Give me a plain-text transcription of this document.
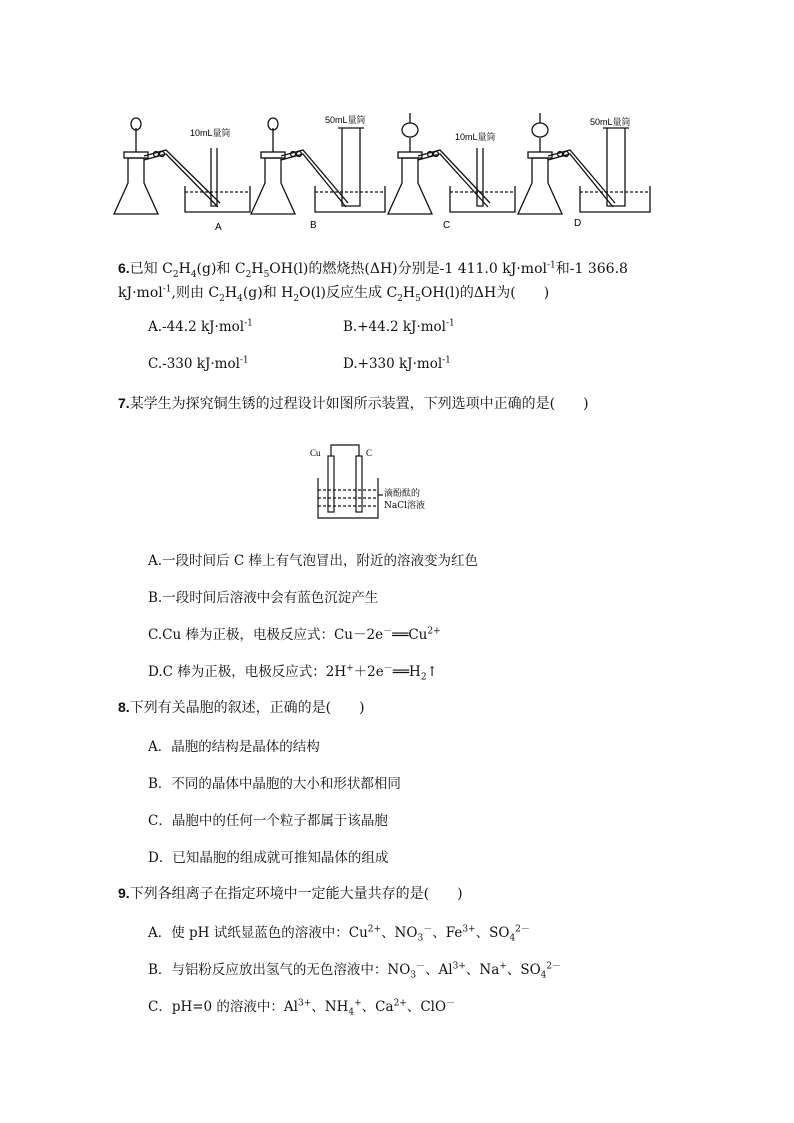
10mL量筒
50mL量筒
10mL量筒
50mL量筒
A	B	C	D
6.已知 $C_2H_4(g)$和 $C_2H_5OH(l)$的燃烧热(ΔH)分别是-1 411.0 kJ·mol$^{-1}$和-1 366.8
kJ·mol$^{-1}$,则由 $C_2H_4(g)$和 $H_2O(l)$反应生成 $C_2H_5OH(l)$的ΔH为(　　)
A.-44.2 kJ·mol$^{-1}$	B.+44.2 kJ·mol$^{-1}$
C.-330 kJ·mol$^{-1}$	D.+330 kJ·mol$^{-1}$
7.某学生为探究铜生锈的过程设计如图所示装置，下列选项中正确的是(　　)
Cu	C
滴酚酞的
NaCl溶液
A.一段时间后 C 棒上有气泡冒出，附近的溶液变为红色
B.一段时间后溶液中会有蓝色沉淀产生
C.Cu 棒为正极，电极反应式：$Cu-2e^-══Cu^{2+}$
D.C 棒为正极，电极反应式：$2H^++2e^-══H_2↑$
8.下列有关晶胞的叙述，正确的是(　　)
A．晶胞的结构是晶体的结构
B．不同的晶体中晶胞的大小和形状都相同
C．晶胞中的任何一个粒子都属于该晶胞
D．已知晶胞的组成就可推知晶体的组成
9.下列各组离子在指定环境中一定能大量共存的是(　　)
A．使 pH 试纸显蓝色的溶液中：$Cu^{2+}$、$NO_3^-$、$Fe^{3+}$、$SO_4^{2-}$
B．与铝粉反应放出氢气的无色溶液中：$NO_3^-$、$Al^{3+}$、Na+、$SO_4^{2-}$
C．pH=0 的溶液中：$Al^{3+}$、$NH_4^+$、$Ca^{2+}$、ClO－
